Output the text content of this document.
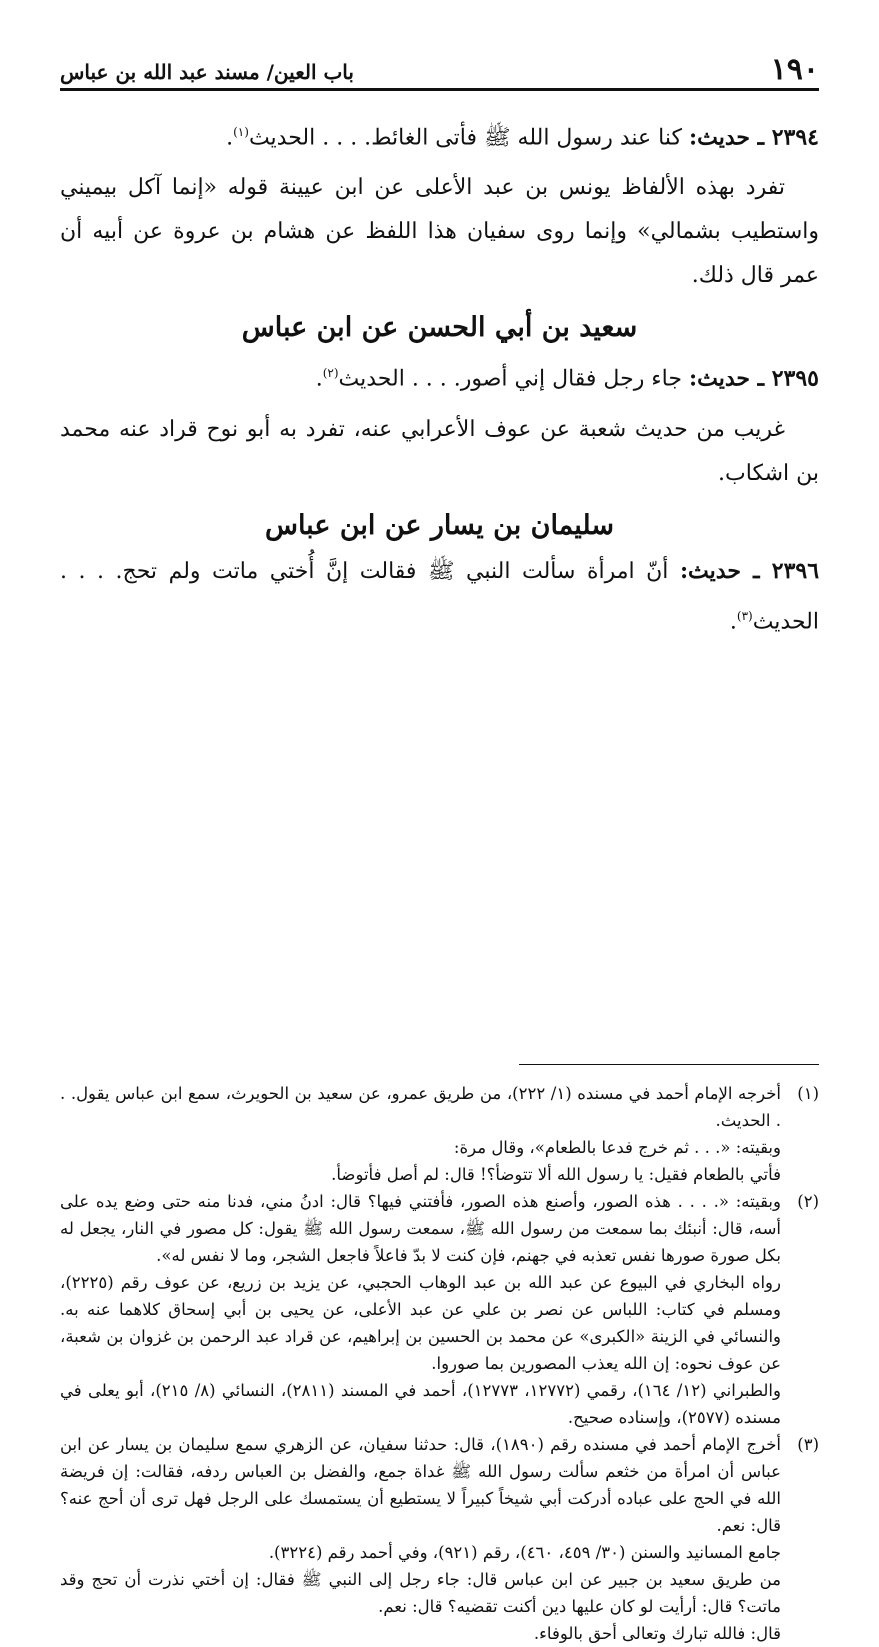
١٩٠
باب العين/ مسند عبد الله بن عباس

٢٣٩٤ ـ حديث: كنا عند رسول الله ﷺ فأتى الغائط. . . . الحديث$^{(١)}$.

تفرد بهذه الألفاظ يونس بن عبد الأعلى عن ابن عيينة قوله «إنما آكل بيميني واستطيب بشمالي» وإنما روى سفيان هذا اللفظ عن هشام بن عروة عن أبيه أن عمر قال ذلك.

سعيد بن أبي الحسن عن ابن عباس

٢٣٩٥ ـ حديث: جاء رجل فقال إني أصور. . . . الحديث$^{(٢)}$.

غريب من حديث شعبة عن عوف الأعرابي عنه، تفرد به أبو نوح قراد عنه محمد بن اشكاب.

سليمان بن يسار عن ابن عباس

٢٣٩٦ ـ حديث: أنّ امرأة سألت النبي ﷺ فقالت إنَّ أُختي ماتت ولم تحج. . . . الحديث$^{(٣)}$.

(١)
أخرجه الإمام أحمد في مسنده (١/ ٢٢٢)، من طريق عمرو، عن سعيد بن الحويرث، سمع ابن عباس يقول. . . الحديث.
وبقيته: «. . . ثم خرج فدعا بالطعام»، وقال مرة:
فأتي بالطعام فقيل: يا رسول الله ألا تتوضأ؟! قال: لم أصل فأتوضأ.
(٢)
وبقيته: «. . . . هذه الصور، وأصنع هذه الصور، فأفتني فيها؟ قال: ادنُ مني، فدنا منه حتى وضع يده على أسه، قال: أنبئك بما سمعت من رسول الله ﷺ، سمعت رسول الله ﷺ يقول: كل مصور في النار، يجعل له بكل صورة صورها نفس تعذبه في جهنم، فإن كنت لا بدّ فاعلاً فاجعل الشجر، وما لا نفس له».

رواه البخاري في البيوع عن عبد الله بن عبد الوهاب الحجبي، عن يزيد بن زريع، عن عوف رقم (٢٢٢٥)، ومسلم في كتاب: اللباس عن نصر بن علي عن عبد الأعلى، عن يحيى بن أبي إسحاق كلاهما عنه به. والنسائي في الزينة «الكبرى» عن محمد بن الحسين بن إبراهيم، عن قراد عبد الرحمن بن غزوان بن شعبة، عن عوف نحوه: إن الله يعذب المصورين بما صوروا.

والطبراني (١٢/ ١٦٤)، رقمي (١٢٧٧٢، ١٢٧٧٣)، أحمد في المسند (٢٨١١)، النسائي (٨/ ٢١٥)، أبو يعلى في مسنده (٢٥٧٧)، وإسناده صحيح.

(٣)
أخرج الإمام أحمد في مسنده رقم (١٨٩٠)، قال: حدثنا سفيان، عن الزهري سمع سليمان بن يسار عن ابن عباس أن امرأة من خثعم سألت رسول الله ﷺ غداة جمع، والفضل بن العباس ردفه، فقالت: إن فريضة الله في الحج على عباده أدركت أبي شيخاً كبيراً لا يستطيع أن يستمسك على الرجل فهل ترى أن أحج عنه؟ قال: نعم.

جامع المسانيد والسنن (٣٠/ ٤٥٩، ٤٦٠)، رقم (٩٢١)، وفي أحمد رقم (٣٢٢٤).

من طريق سعيد بن جبير عن ابن عباس قال: جاء رجل إلى النبي ﷺ فقال: إن أختي نذرت أن تحج وقد ماتت؟ قال: أرأيت لو كان عليها دين أكنت تقضيه؟ قال: نعم.

قال: فالله تبارك وتعالى أحق بالوفاء.
